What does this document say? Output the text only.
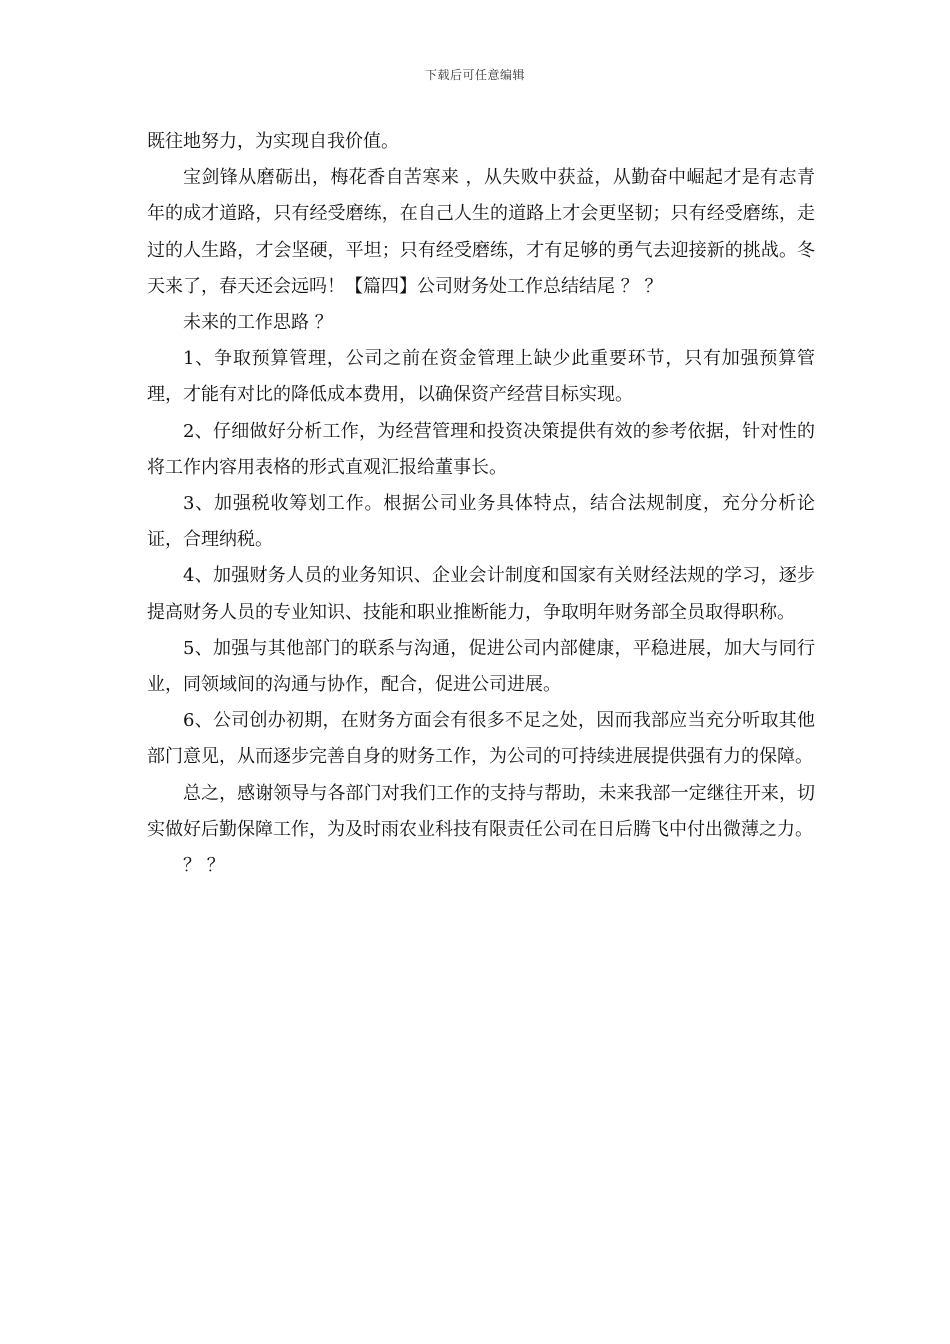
下载后可任意编辑

既往地努力，为实现自我价值。

宝剑锋从磨砺出，梅花香自苦寒来 ，从失败中获益，从勤奋中崛起才是有志青年的成才道路，只有经受磨练，在自己人生的道路上才会更坚韧；只有经受磨练，走过的人生路，才会坚硬，平坦；只有经受磨练，才有足够的勇气去迎接新的挑战。冬天来了，春天还会远吗！【篇四】公司财务处工作总结结尾 ？ ？

未来的工作思路 ？

1、争取预算管理，公司之前在资金管理上缺少此重要环节，只有加强预算管理，才能有对比的降低成本费用，以确保资产经营目标实现。

2、仔细做好分析工作，为经营管理和投资决策提供有效的参考依据，针对性的将工作内容用表格的形式直观汇报给董事长。

3、加强税收筹划工作。根据公司业务具体特点，结合法规制度，充分分析论证，合理纳税。

4、加强财务人员的业务知识、企业会计制度和国家有关财经法规的学习，逐步提高财务人员的专业知识、技能和职业推断能力，争取明年财务部全员取得职称。

5、加强与其他部门的联系与沟通，促进公司内部健康，平稳进展，加大与同行业，同领域间的沟通与协作，配合，促进公司进展。

6、公司创办初期，在财务方面会有很多不足之处，因而我部应当充分听取其他部门意见，从而逐步完善自身的财务工作，为公司的可持续进展提供强有力的保障。

总之，感谢领导与各部门对我们工作的支持与帮助，未来我部一定继往开来，切实做好后勤保障工作，为及时雨农业科技有限责任公司在日后腾飞中付出微薄之力。

？ ？
